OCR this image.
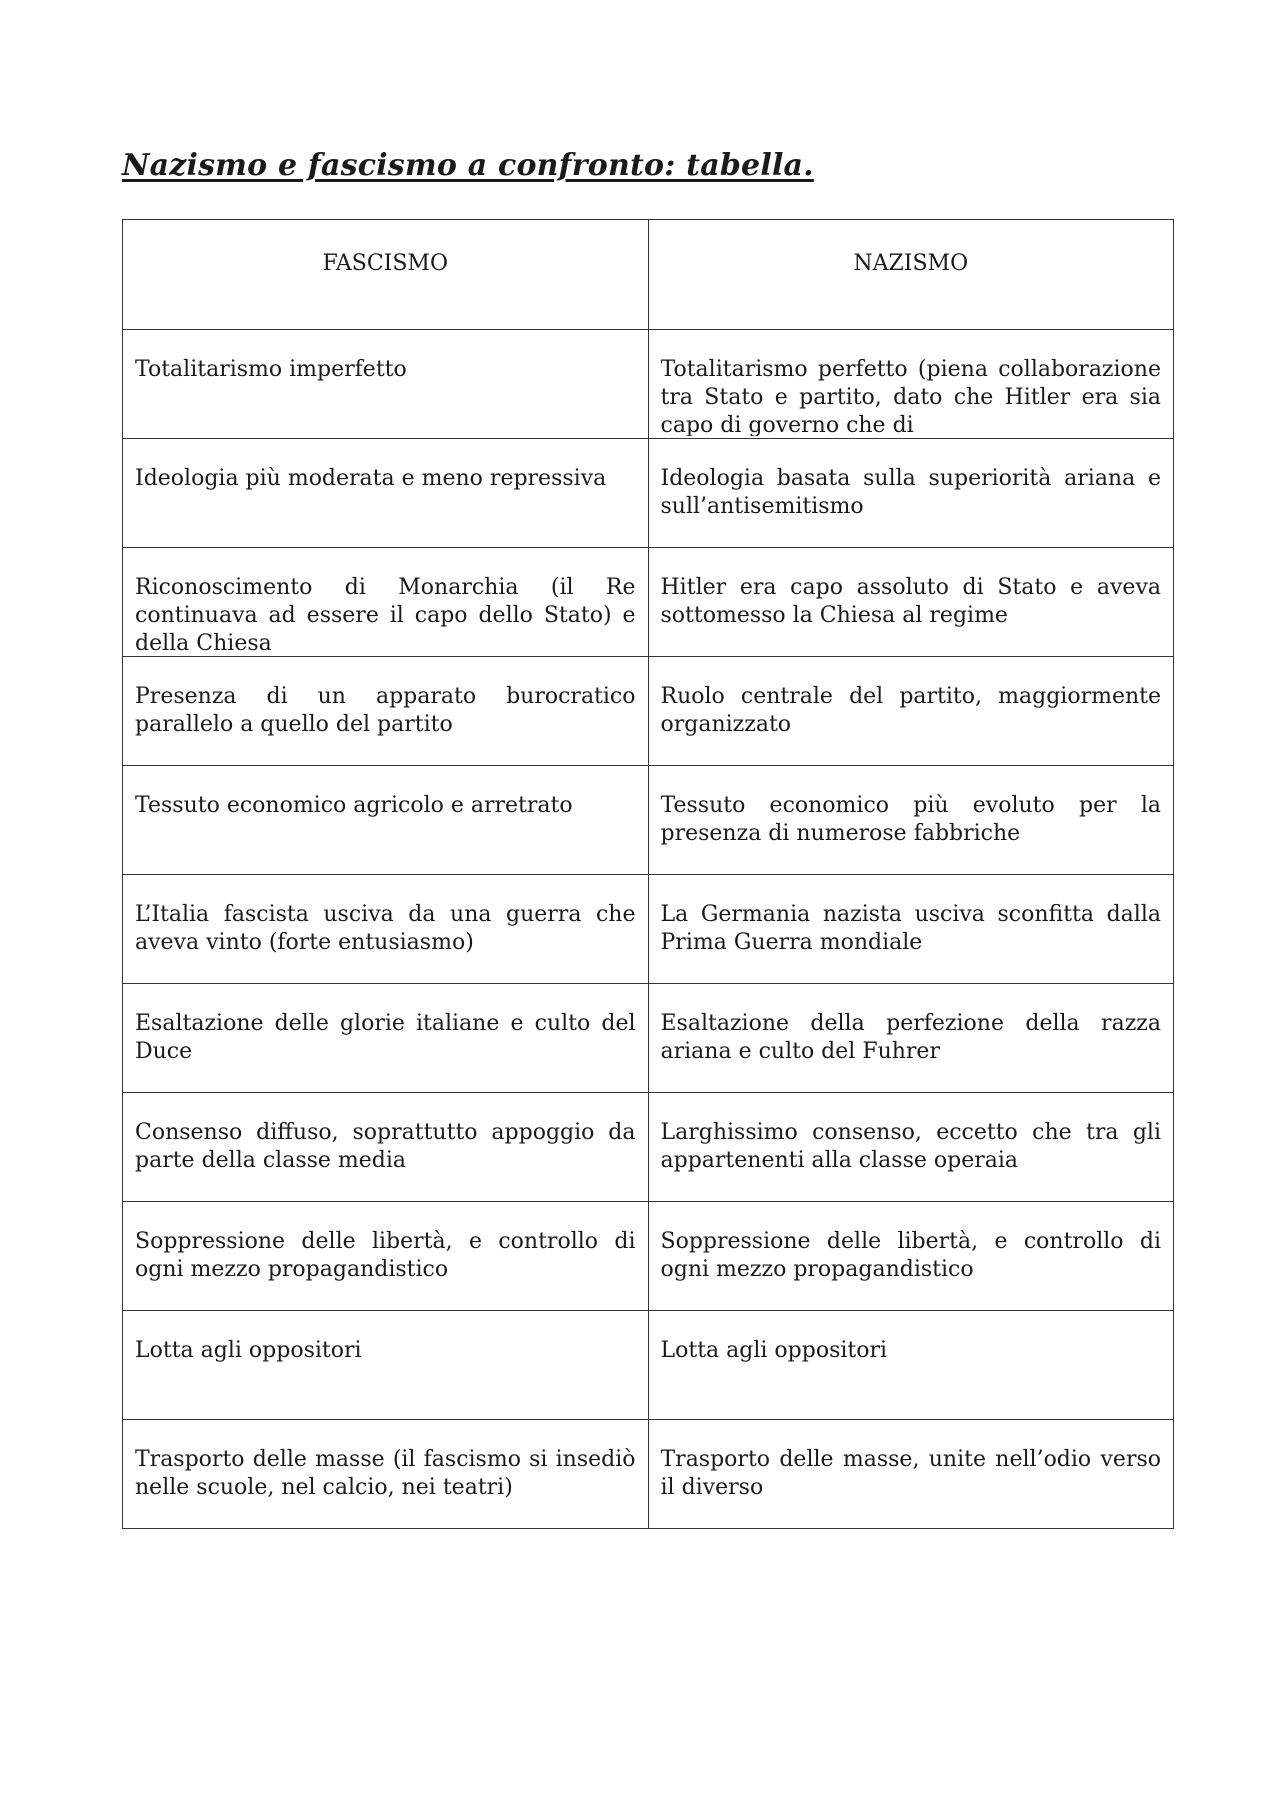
Nazismo e fascismo a confronto: tabella.
FASCISMO	NAZISMO

Totalitarismo imperfetto	Totalitarismo perfetto (piena collaborazione tra Stato e partito, dato che Hitler era sia capo di governo che di

Ideologia più moderata e meno repressiva	Ideologia basata sulla superiorità ariana e sull’antisemitismo

Riconoscimento di Monarchia (il Re continuava ad essere il capo dello Stato) e della Chiesa	Hitler era capo assoluto di Stato e aveva sottomesso la Chiesa al regime

Presenza di un apparato burocratico parallelo a quello del partito	Ruolo centrale del partito, maggiormente organizzato

Tessuto economico agricolo e arretrato	Tessuto economico più evoluto per la presenza di numerose fabbriche

L’Italia fascista usciva da una guerra che aveva vinto (forte entusiasmo)	La Germania nazista usciva sconfitta dalla Prima Guerra mondiale

Esaltazione delle glorie italiane e culto del Duce	Esaltazione della perfezione della razza ariana e culto del Fuhrer

Consenso diffuso, soprattutto appoggio da parte della classe media	Larghissimo consenso, eccetto che tra gli appartenenti alla classe operaia

Soppressione delle libertà, e controllo di ogni mezzo propagandistico	Soppressione delle libertà, e controllo di ogni mezzo propagandistico

Lotta agli oppositori	Lotta agli oppositori

Trasporto delle masse (il fascismo si insediò nelle scuole, nel calcio, nei teatri)	Trasporto delle masse, unite nell’odio verso il diverso
